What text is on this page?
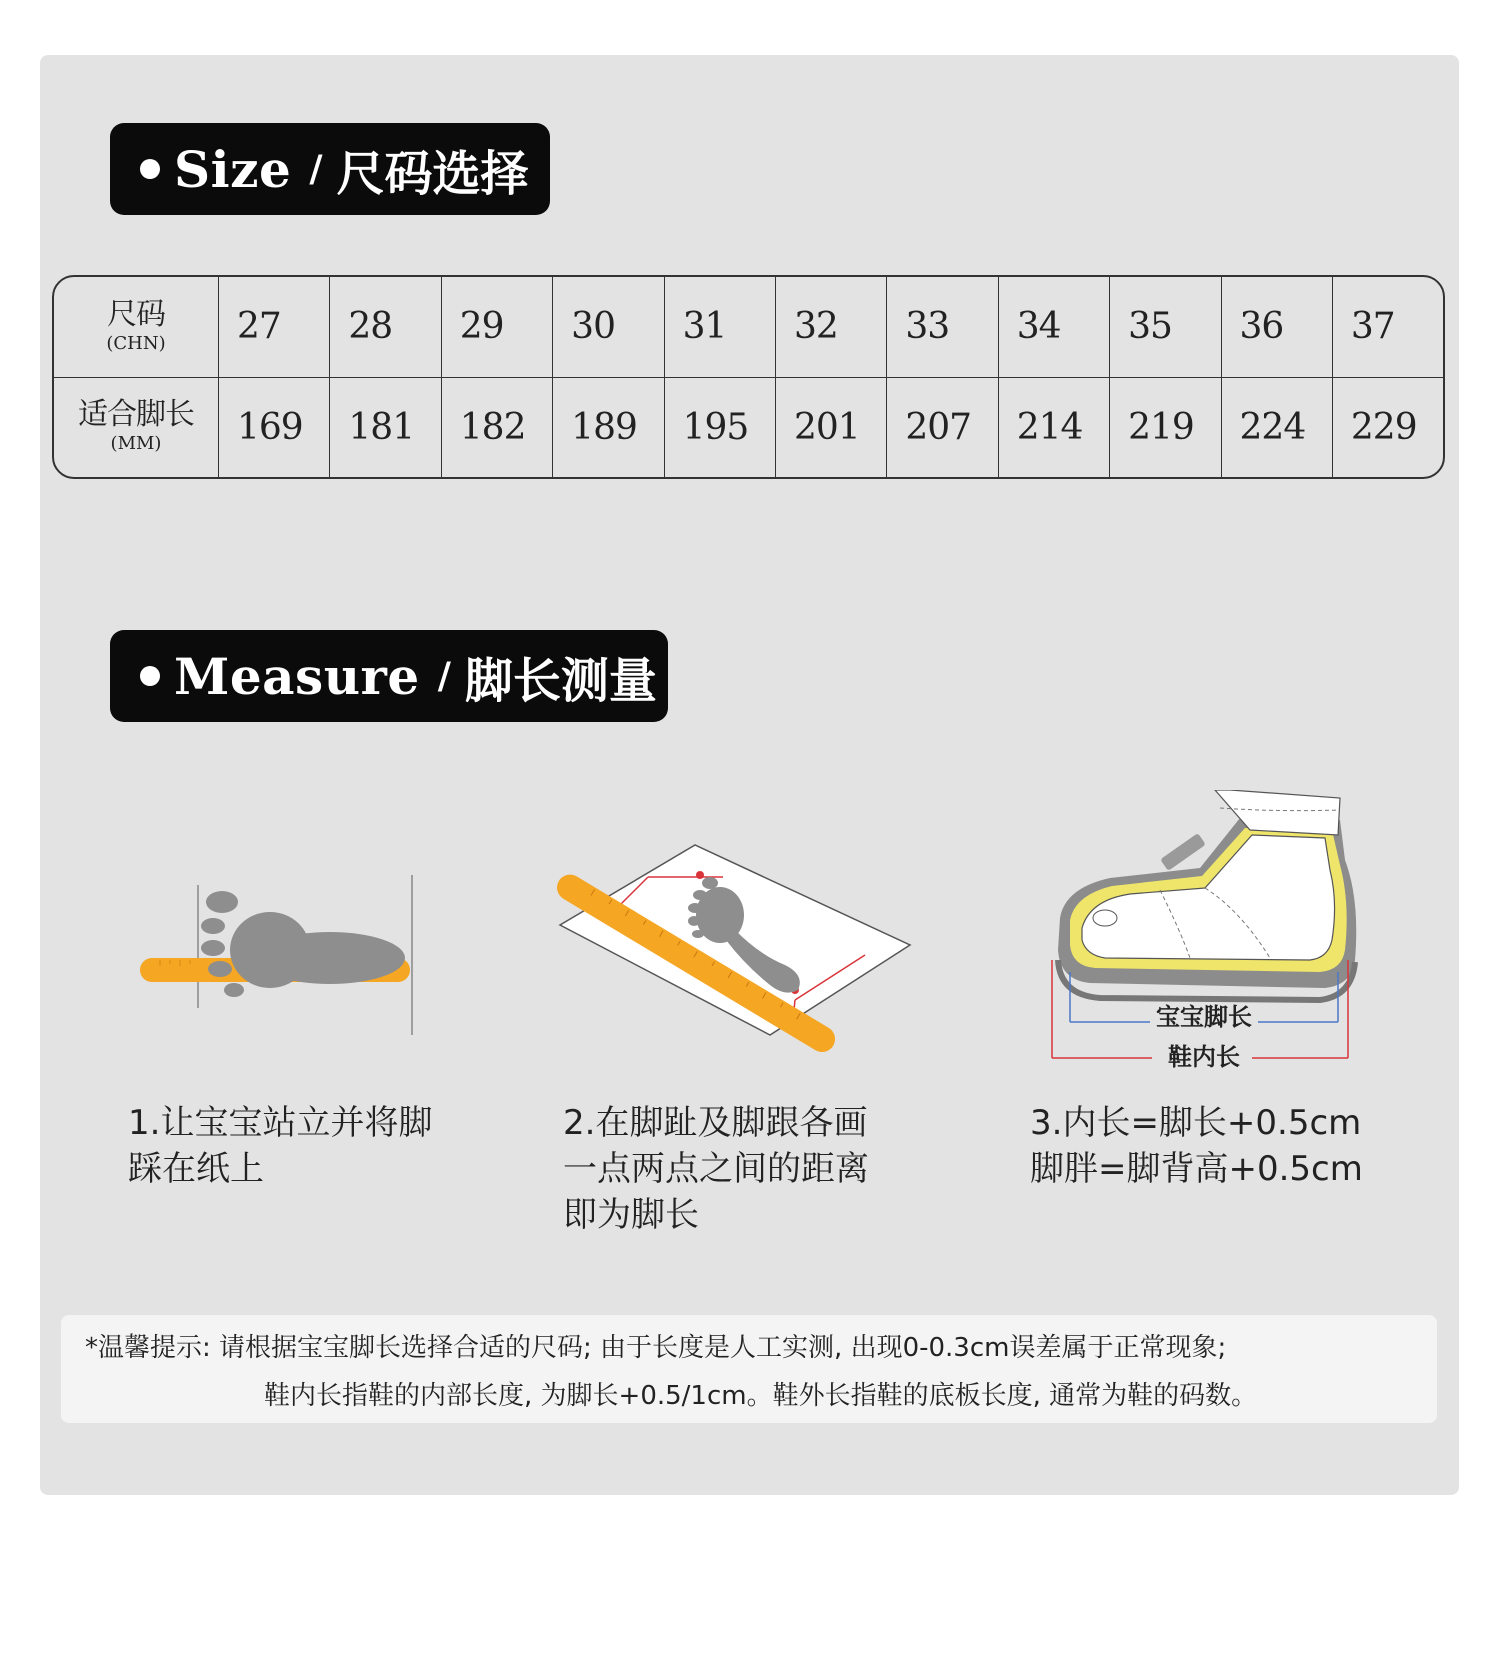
Size / 尺码选择
尺码
(CHN)	27	28	29	30	31	32	33	34	35	36	37

适合脚长
(MM)	169	181	182	189	195	201	207	214	219	224	229
Measure / 脚长测量
宝宝脚长
鞋内长
1.让宝宝站立并将脚
踩在纸上
2.在脚趾及脚跟各画
一点两点之间的距离
即为脚长
3.内长=脚长+0.5cm
脚胖=脚背高+0.5cm
*温馨提示: 请根据宝宝脚长选择合适的尺码; 由于长度是人工实测, 出现0-0.3cm误差属于正常现象;
鞋内长指鞋的内部长度, 为脚长+0.5/1cm。鞋外长指鞋的底板长度, 通常为鞋的码数。
